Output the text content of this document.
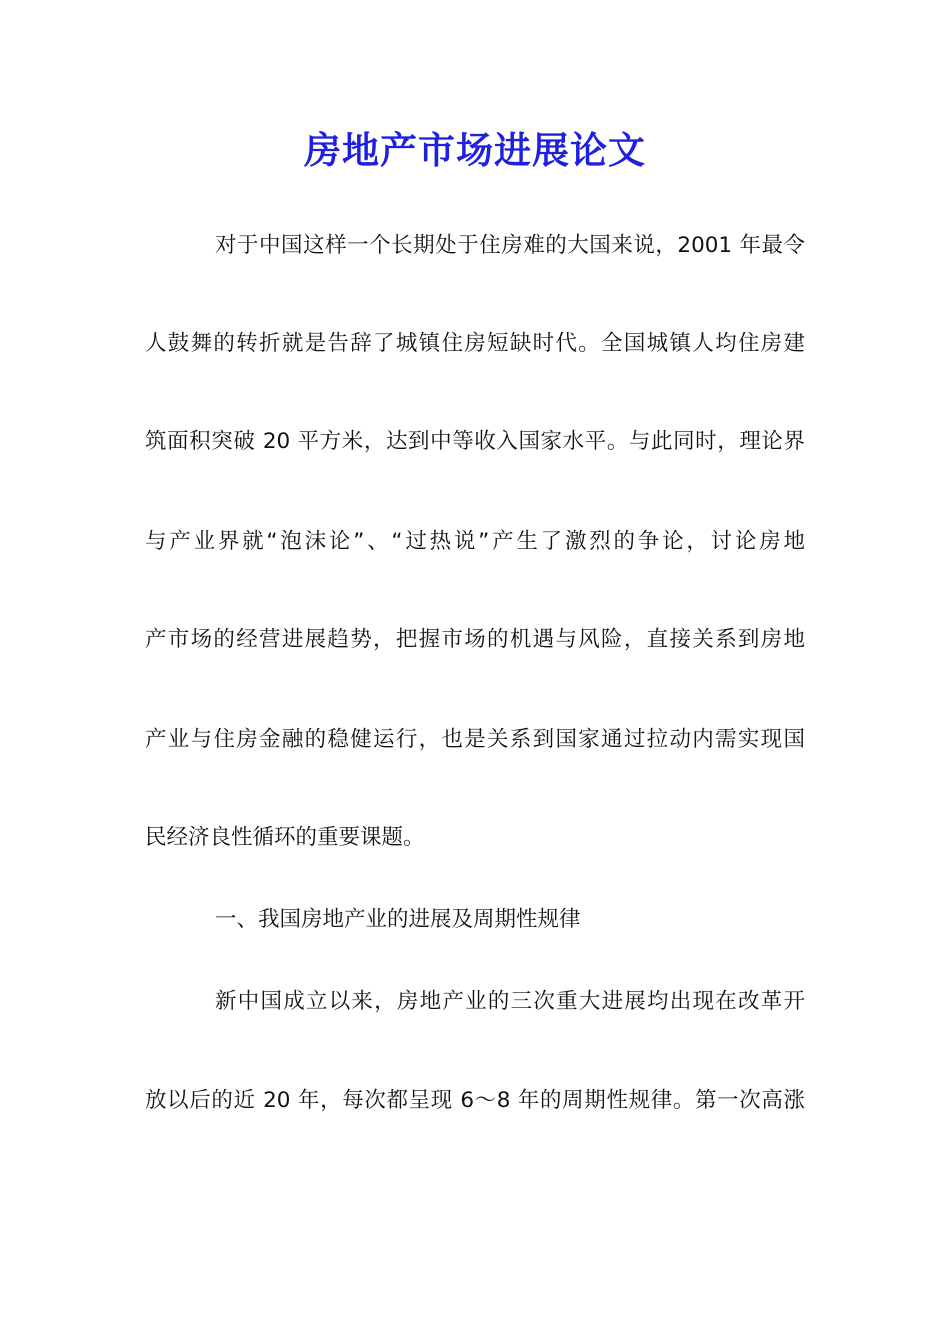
房地产市场进展论文
对于中国这样一个长期处于住房难的大国来说，2001 年最令
人鼓舞的转折就是告辞了城镇住房短缺时代。全国城镇人均住房建
筑面积突破 20 平方米，达到中等收入国家水平。与此同时，理论界
与产业界就“泡沫论”、“过热说”产生了激烈的争论，讨论房地
产市场的经营进展趋势，把握市场的机遇与风险，直接关系到房地
产业与住房金融的稳健运行，也是关系到国家通过拉动内需实现国
民经济良性循环的重要课题。
一、我国房地产业的进展及周期性规律
新中国成立以来，房地产业的三次重大进展均出现在改革开
放以后的近 20 年，每次都呈现 6～8 年的周期性规律。第一次高涨
